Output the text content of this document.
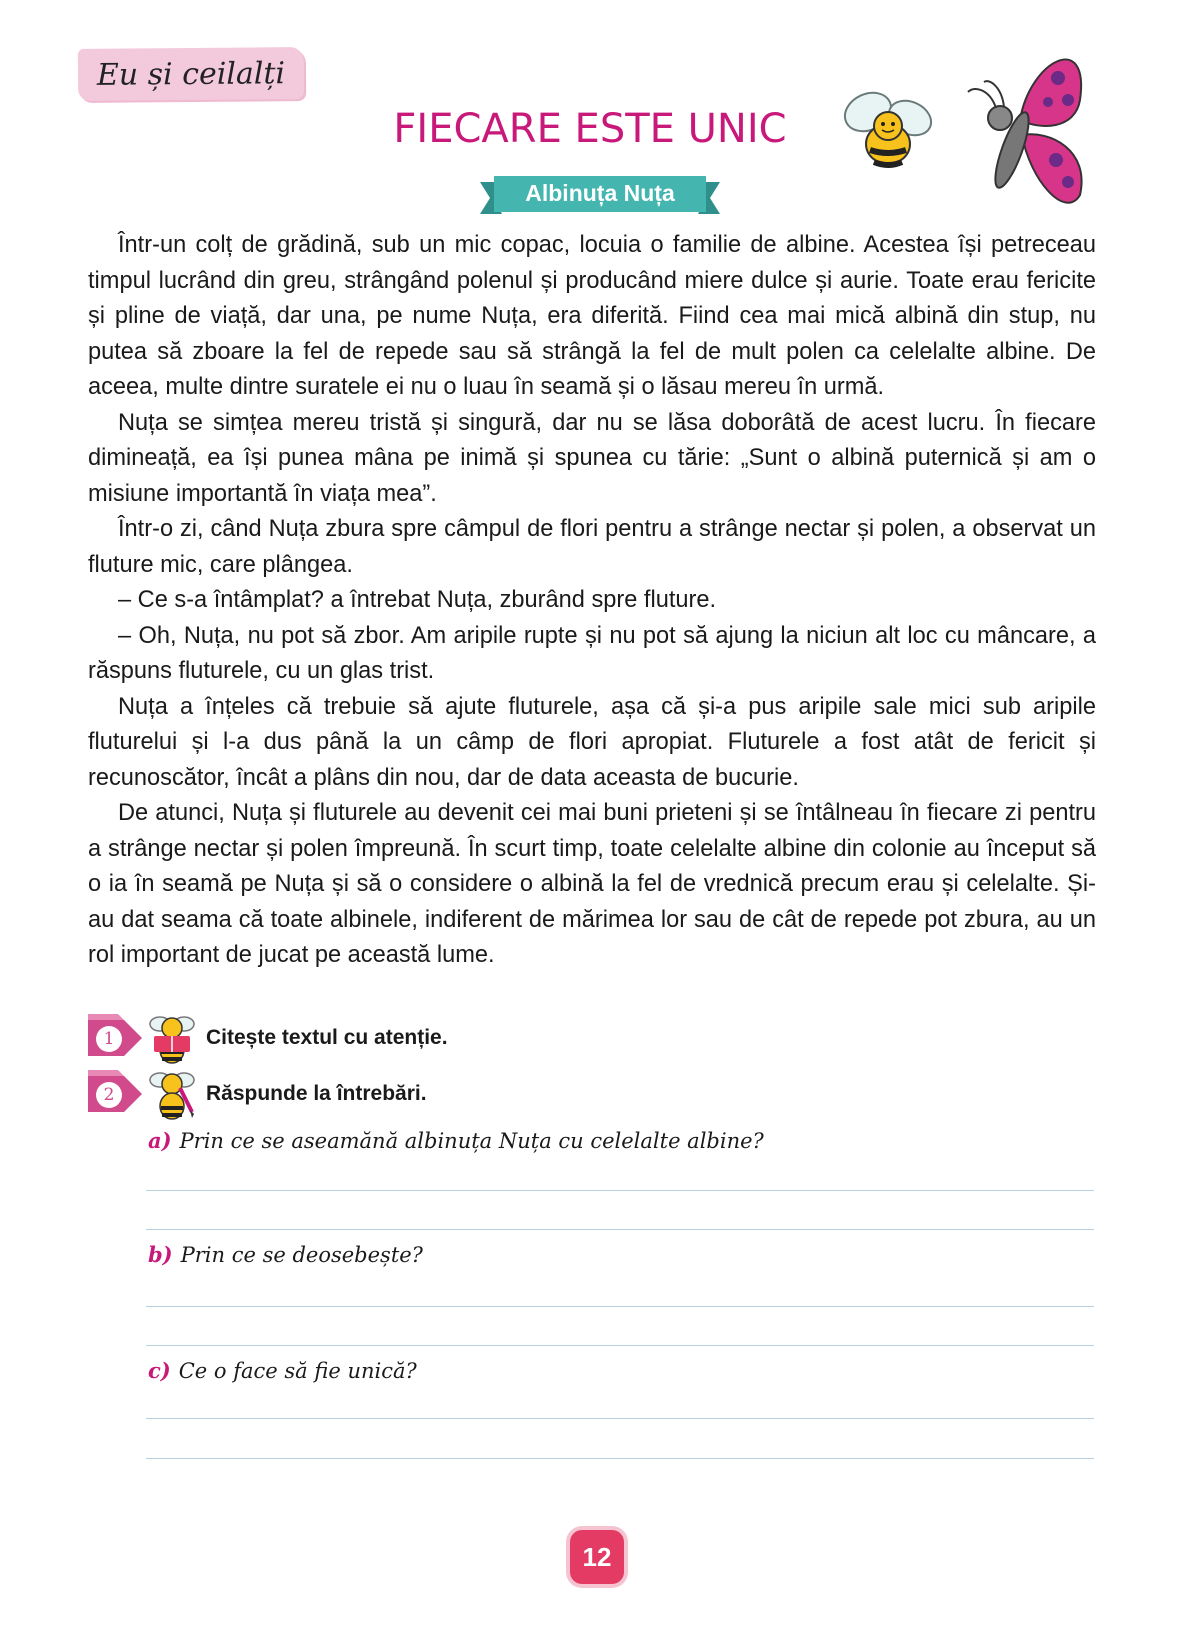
Eu și ceilalți
FIECARE ESTE UNIC
Albinuța Nuța

Într-un colț de grădină, sub un mic copac, locuia o familie de albine. Acestea își petreceau timpul lucrând din greu, strângând polenul și producând miere dulce și aurie. Toate erau fericite și pline de viață, dar una, pe nume Nuța, era diferită. Fiind cea mai mică albină din stup, nu putea să zboare la fel de repede sau să strângă la fel de mult polen ca celelalte albine. De aceea, multe dintre suratele ei nu o luau în seamă și o lăsau mereu în urmă.

Nuța se simțea mereu tristă și singură, dar nu se lăsa doborâtă de acest lucru. În fiecare dimineață, ea își punea mâna pe inimă și spunea cu tărie: „Sunt o albină puternică și am o misiune importantă în viața mea”.

Într-o zi, când Nuța zbura spre câmpul de flori pentru a strânge nectar și polen, a observat un fluture mic, care plângea.

– Ce s-a întâmplat? a întrebat Nuța, zburând spre fluture.

– Oh, Nuța, nu pot să zbor. Am aripile rupte și nu pot să ajung la niciun alt loc cu mâncare, a răspuns fluturele, cu un glas trist.

Nuța a înțeles că trebuie să ajute fluturele, așa că și-a pus aripile sale mici sub aripile fluturelui și l-a dus până la un câmp de flori apropiat. Fluturele a fost atât de fericit și recunoscător, încât a plâns din nou, dar de data aceasta de bucurie.

De atunci, Nuța și fluturele au devenit cei mai buni prieteni și se întâlneau în fiecare zi pentru a strânge nectar și polen împreună. În scurt timp, toate celelalte albine din colonie au început să o ia în seamă pe Nuța și să o considere o albină la fel de vrednică precum erau și celelalte. Și-au dat seama că toate albinele, indiferent de mărimea lor sau de cât de repede pot zbura, au un rol important de jucat pe această lume.

1	Citește textul cu atenție.
2	Răspunde la întrebări.
a) Prin ce se aseamănă albinuța Nuța cu celelalte albine?
b) Prin ce se deosebește?
c) Ce o face să fie unică?
12
